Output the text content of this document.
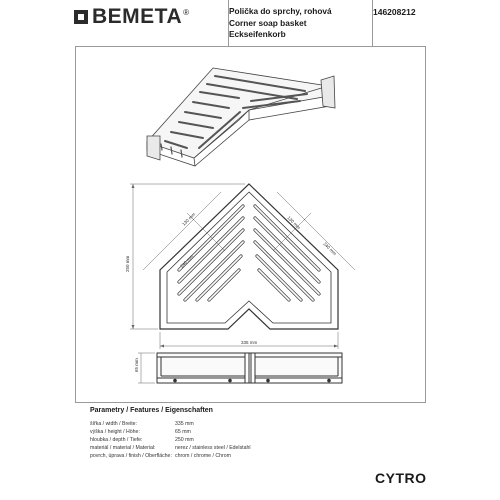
BEMETA ®	Polička do sprchy, rohová
Corner soap basket
Eckseifenkorb
146208212
240 mm
130 mm	130 mm
240 mm
250 mm
335 mm
65 mm
Parametry / Features / Eigenschaften
šířka / width / Breite:	335 mm
výška / height / Höhe:	65 mm
hloubka / depth / Tiefe:	250 mm
materiál / material / Material:	nerez / stainless steel / Edelstahl
povrch, úprava / finish / Oberfläche: chrom / chrome / Chrom
CYTRO
